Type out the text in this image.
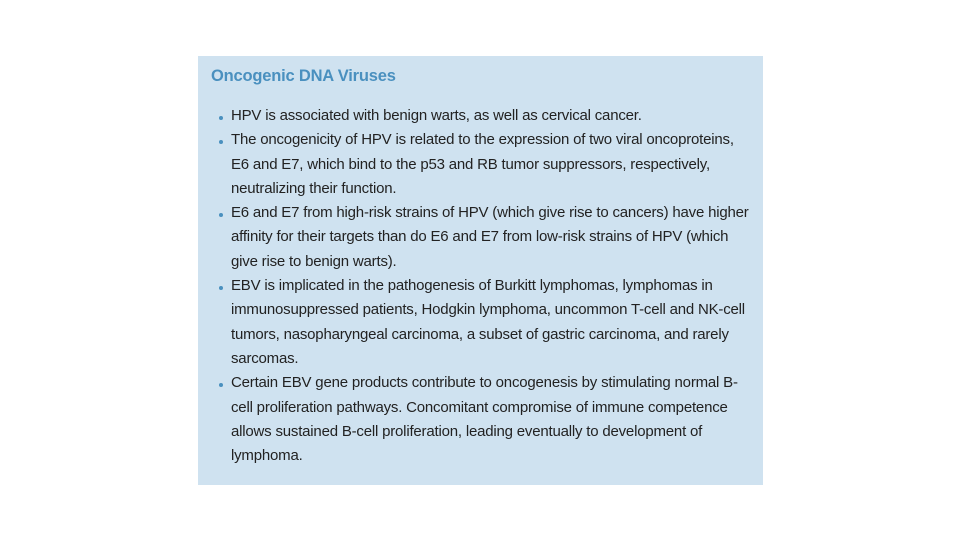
Oncogenic DNA Viruses
HPV is associated with benign warts, as well as cervical cancer.
The oncogenicity of HPV is related to the expression of two viral oncoproteins, E6 and E7, which bind to the p53 and RB tumor suppressors, respectively, neutralizing their function.
E6 and E7 from high-risk strains of HPV (which give rise to cancers) have higher affinity for their targets than do E6 and E7 from low-risk strains of HPV (which give rise to benign warts).
EBV is implicated in the pathogenesis of Burkitt lymphomas, lymphomas in immunosuppressed patients, Hodgkin lymphoma, uncommon T-cell and NK-cell tumors, nasopharyngeal carcinoma, a subset of gastric carcinoma, and rarely sarcomas.
Certain EBV gene products contribute to oncogenesis by stimulating normal B-cell proliferation pathways. Concomitant compromise of immune competence allows sustained B-cell proliferation, leading eventually to development of lymphoma.
